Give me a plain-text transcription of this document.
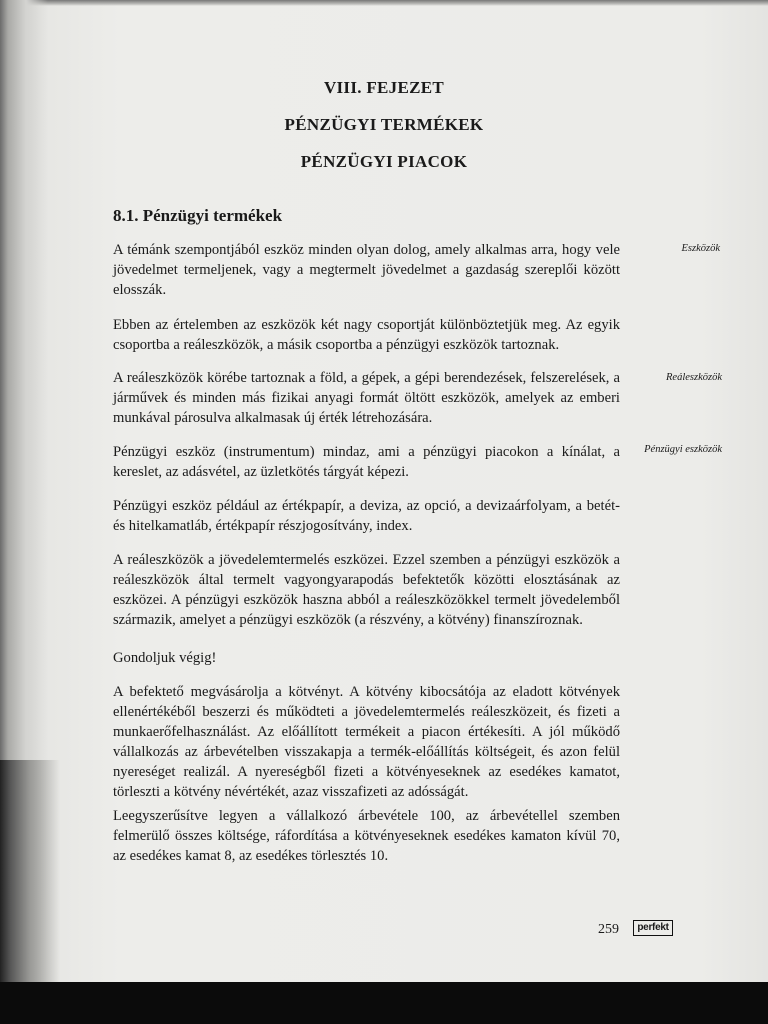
VIII. FEJEZET
PÉNZÜGYI TERMÉKEK
PÉNZÜGYI PIACOK
8.1. Pénzügyi termékek
A témánk szempontjából eszköz minden olyan dolog, amely alkalmas arra, hogy vele jövedelmet termeljenek, vagy a megtermelt jövedelmet a gazdaság szereplői között elosszák.
Eszközök
Ebben az értelemben az eszközök két nagy csoportját különböztetjük meg. Az egyik csoportba a reáleszközök, a másik csoportba a pénzügyi eszközök tartoznak.
A reáleszközök körébe tartoznak a föld, a gépek, a gépi berendezések, felszerelések, a járművek és minden más fizikai anyagi formát öltött eszközök, amelyek az emberi munkával párosulva alkalmasak új érték létrehozására.
Reáleszközök
Pénzügyi eszköz (instrumentum) mindaz, ami a pénzügyi piacokon a kínálat, a kereslet, az adásvétel, az üzletkötés tárgyát képezi.
Pénzügyi eszközök
Pénzügyi eszköz például az értékpapír, a deviza, az opció, a devizaárfolyam, a betét- és hitelkamatláb, értékpapír részjogosítvány, index.
A reáleszközök a jövedelemtermelés eszközei. Ezzel szemben a pénzügyi eszközök a reáleszközök által termelt vagyongyarapodás befektetők közötti elosztásának az eszközei. A pénzügyi eszközök haszna abból a reáleszközökkel termelt jövedelemből származik, amelyet a pénzügyi eszközök (a részvény, a kötvény) finanszíroznak.
Gondoljuk végig!
A befektető megvásárolja a kötvényt. A kötvény kibocsátója az eladott kötvények ellenértékéből beszerzi és működteti a jövedelemtermelés reáleszközeit, és fizeti a munkaerőfelhasználást. Az előállított termékeit a piacon értékesíti. A jól működő vállalkozás az árbevételben visszakapja a termék-előállítás költségeit, és azon felül nyereséget realizál. A nyereségből fizeti a kötvényeseknek az esedékes kamatot, törleszti a kötvény névértékét, azaz visszafizeti az adósságát.
Leegyszerűsítve legyen a vállalkozó árbevétele 100, az árbevétellel szemben felmerülő összes költsége, ráfordítása a kötvényeseknek esedékes kamaton kívül 70, az esedékes kamat 8, az esedékes törlesztés 10.
259	perfekt
